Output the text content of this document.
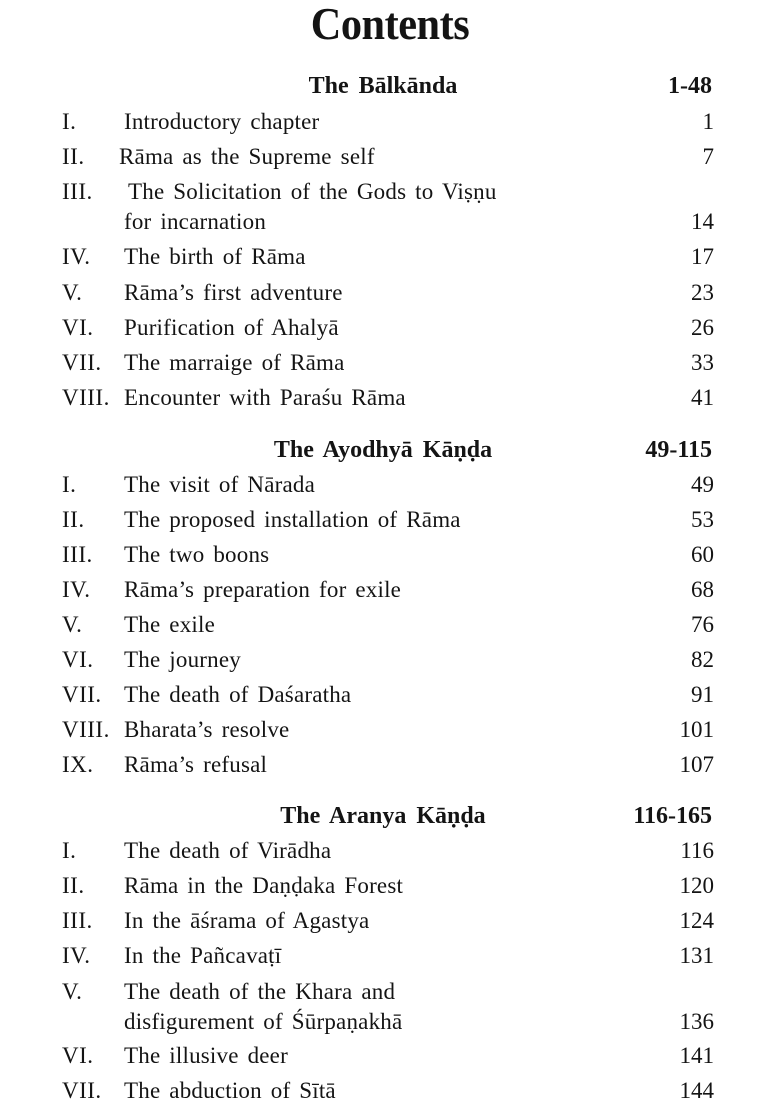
Contents
The Bālkānda	1-48
I. Introductory chapter	1
II. Rāma as the Supreme self	7
III. The Solicitation of the Gods to Viṣṇu
for incarnation	14
IV. The birth of Rāma	17
V. Rāma’s first adventure	23
VI. Purification of Ahalyā	26
VII. The marraige of Rāma	33
VIII. Encounter with Paraśu Rāma	41
The Ayodhyā Kāṇḍa	49-115
I. The visit of Nārada	49
II. The proposed installation of Rāma	53
III. The two boons	60
IV. Rāma’s preparation for exile	68
V. The exile	76
VI. The journey	82
VII. The death of Daśaratha	91
VIII. Bharata’s resolve	101
IX. Rāma’s refusal	107
The Aranya Kāṇḍa	116-165
I. The death of Virādha	116
II. Rāma in the Daṇḍaka Forest	120
III. In the āśrama of Agastya	124
IV. In the Pañcavaṭī	131
V. The death of the Khara and
disfigurement of Śūrpaṇakhā	136
VI. The illusive deer	141
VII. The abduction of Sītā	144
